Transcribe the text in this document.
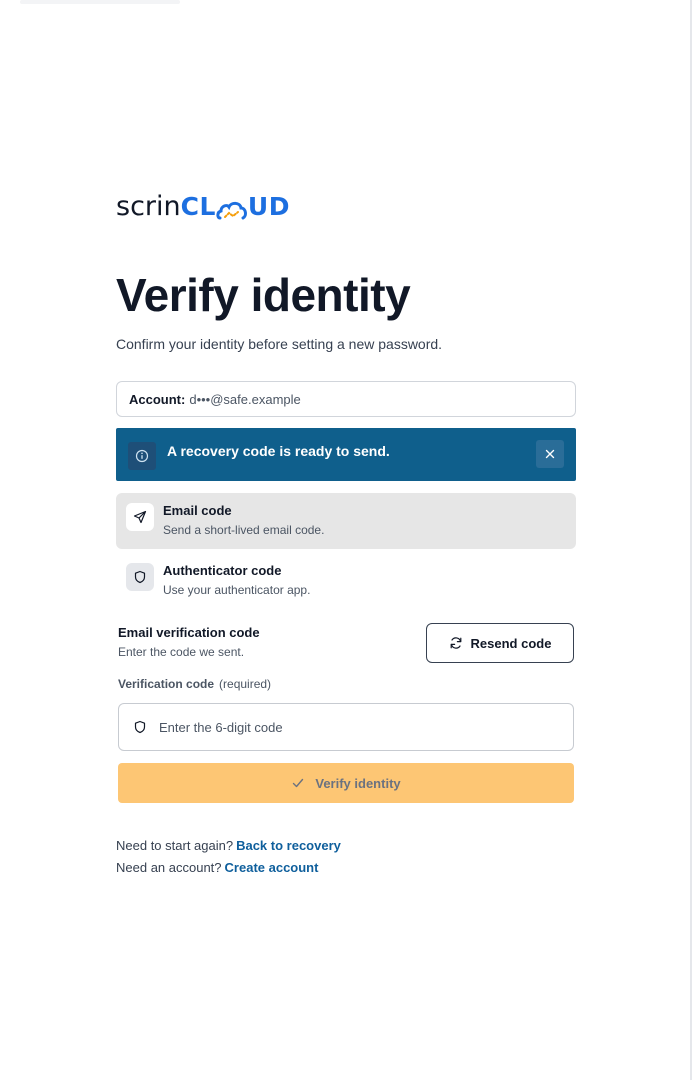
scrin CL UD
Verify identity

Confirm your identity before setting a new password.

Account: d•••@safe.example
A recovery code is ready to send.
Email code
Send a short-lived email code.
Authenticator code
Use your authenticator app.
Email verification code
Enter the code we sent.
Resend code
Verification code (required)
Enter the 6-digit code
Verify identity
Need to start again? Back to recovery
Need an account? Create account
